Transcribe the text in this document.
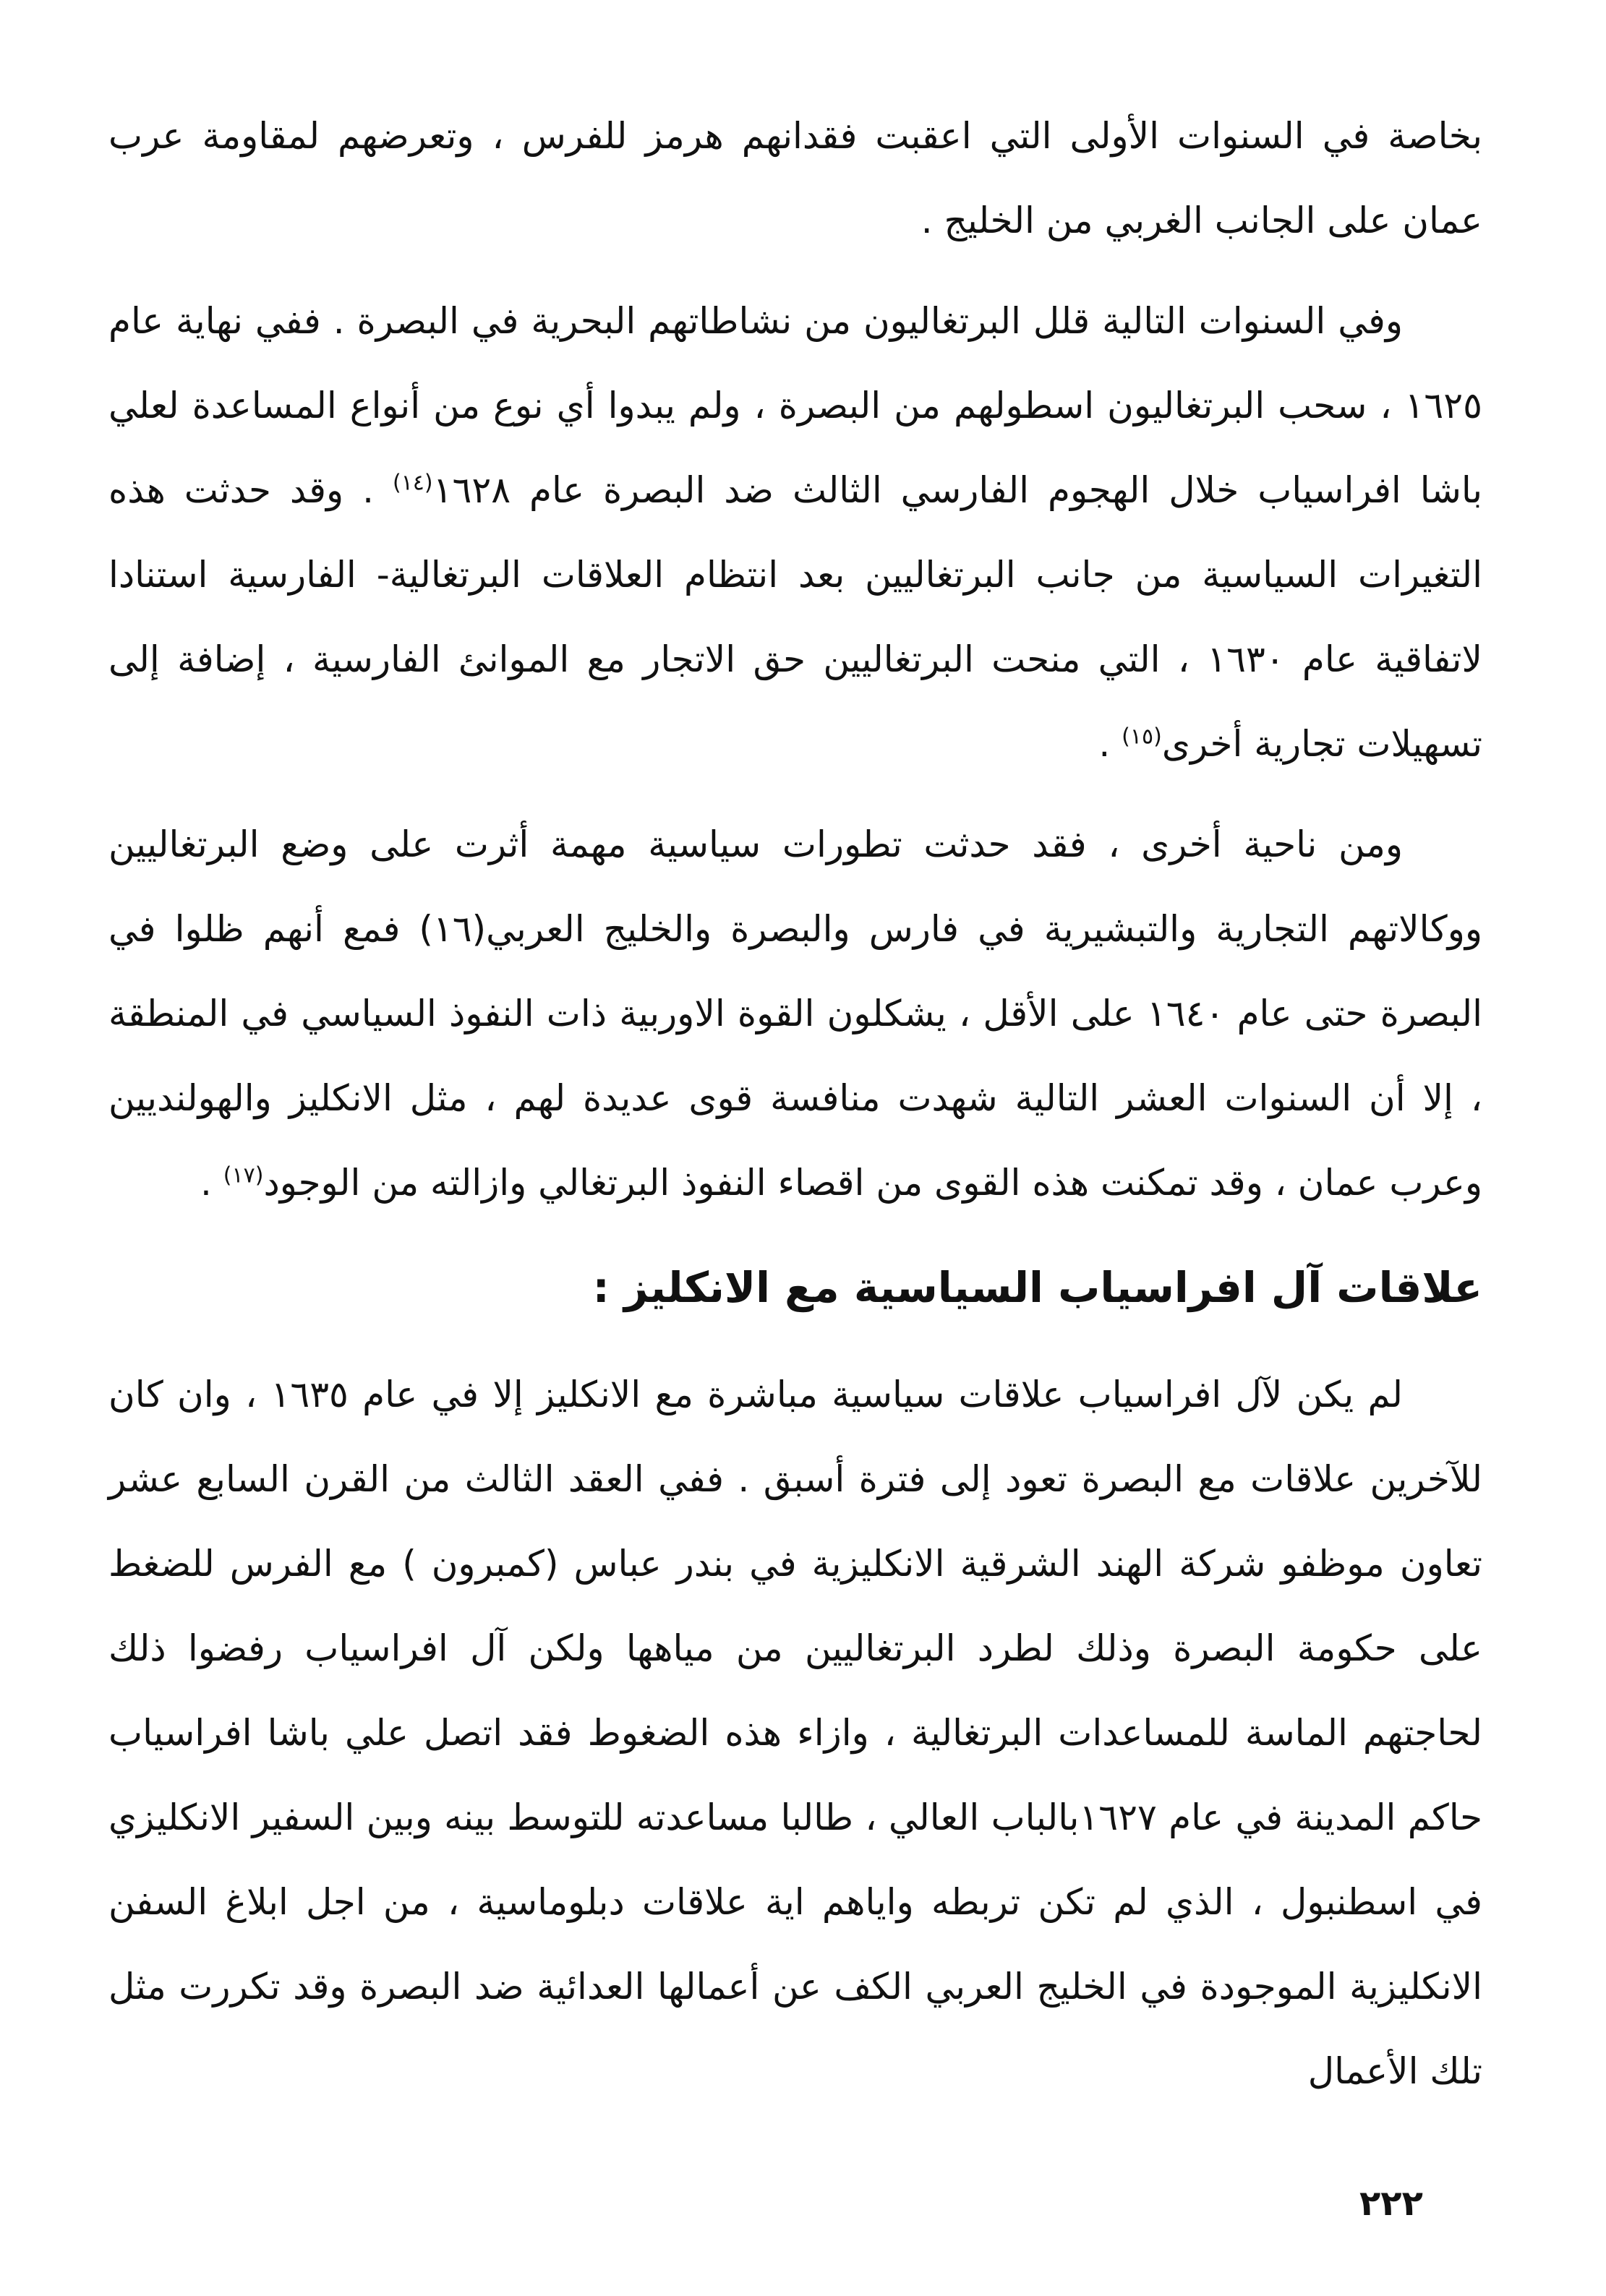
بخاصة في السنوات الأولى التي اعقبت فقدانهم هرمز للفرس ، وتعرضهم لمقاومة عرب عمان على الجانب الغربي من الخليج .

وفي السنوات التالية قلل البرتغاليون من نشاطاتهم البحرية في البصرة . ففي نهاية عام ١٦٢٥ ، سحب البرتغاليون اسطولهم من البصرة ، ولم يبدوا أي نوع من أنواع المساعدة لعلي باشا افراسياب خلال الهجوم الفارسي الثالث ضد البصرة عام ١٦٢٨$^{(١٤)}$ . وقد حدثت هذه التغيرات السياسية من جانب البرتغاليين بعد انتظام العلاقات البرتغالية- الفارسية استنادا لاتفاقية عام ١٦٣٠ ، التي منحت البرتغاليين حق الاتجار مع الموانئ الفارسية ، إضافة إلى تسهيلات تجارية أخرى$^{(١٥)}$ .

ومن ناحية أخرى ، فقد حدثت تطورات سياسية مهمة أثرت على وضع البرتغاليين ووكالاتهم التجارية والتبشيرية في فارس والبصرة والخليج العربي(١٦) فمع أنهم ظلوا في البصرة حتى عام ١٦٤٠ على الأقل ، يشكلون القوة الاوربية ذات النفوذ السياسي في المنطقة ، إلا أن السنوات العشر التالية شهدت منافسة قوى عديدة لهم ، مثل الانكليز والهولنديين وعرب عمان ، وقد تمكنت هذه القوى من اقصاء النفوذ البرتغالي وازالته من الوجود$^{(١٧)}$ .

علاقات آل افراسياب السياسية مع الانكليز :

لم يكن لآل افراسياب علاقات سياسية مباشرة مع الانكليز إلا في عام ١٦٣٥ ، وان كان للآخرين علاقات مع البصرة تعود إلى فترة أسبق . ففي العقد الثالث من القرن السابع عشر تعاون موظفو شركة الهند الشرقية الانكليزية في بندر عباس (كمبرون ) مع الفرس للضغط على حكومة البصرة وذلك لطرد البرتغاليين من مياهها ولكن آل افراسياب رفضوا ذلك لحاجتهم الماسة للمساعدات البرتغالية ، وازاء هذه الضغوط فقد اتصل علي باشا افراسياب حاكم المدينة في عام ١٦٢٧بالباب العالي ، طالبا مساعدته للتوسط بينه وبين السفير الانكليزي في اسطنبول ، الذي لم تكن تربطه واياهم اية علاقات دبلوماسية ، من اجل ابلاغ السفن الانكليزية الموجودة في الخليج العربي الكف عن أعمالها العدائية ضد البصرة وقد تكررت مثل تلك الأعمال

٢٢٢
